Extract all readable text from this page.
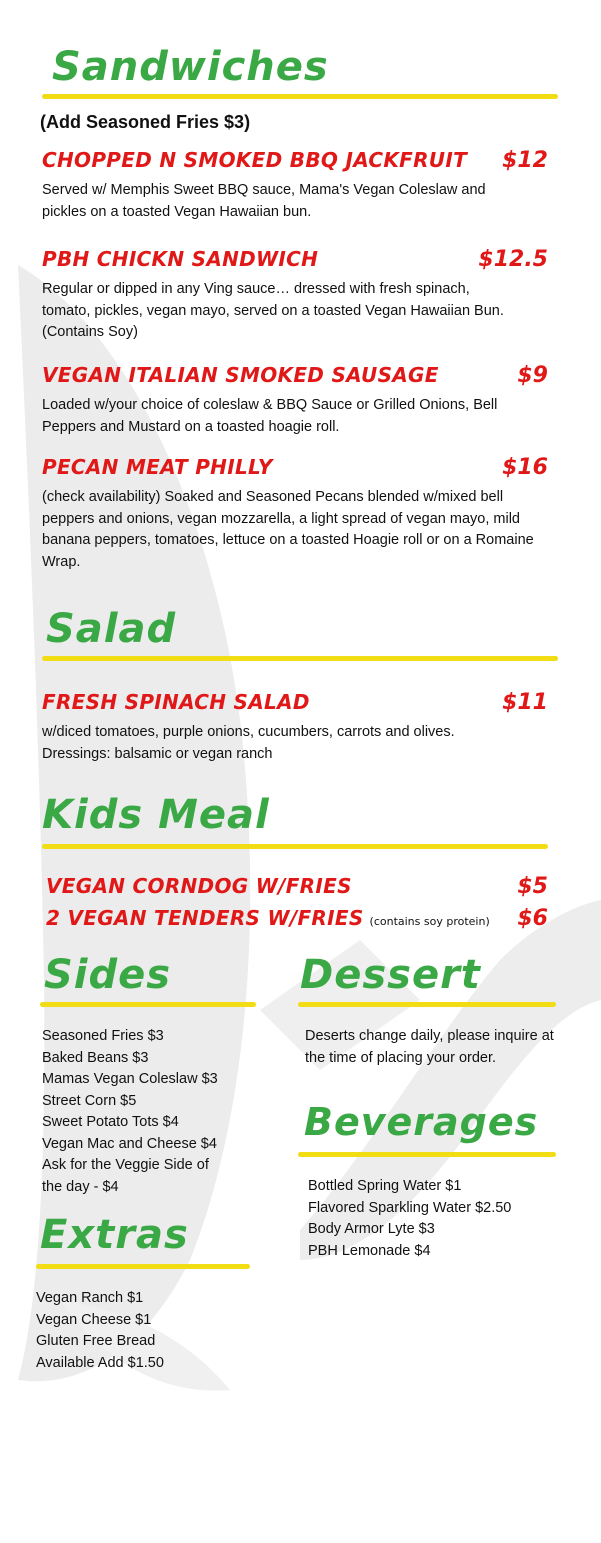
Sandwiches
(Add Seasoned Fries $3)
CHOPPED N SMOKED BBQ JACKFRUIT	$12
Served w/ Memphis Sweet BBQ sauce, Mama's Vegan Coleslaw and pickles on a toasted Vegan Hawaiian bun.
PBH CHICKN SANDWICH	$12.5
Regular or dipped in any Ving sauce… dressed with fresh spinach, tomato, pickles, vegan mayo, served on a toasted Vegan Hawaiian Bun. (Contains Soy)
VEGAN ITALIAN SMOKED SAUSAGE	$9
Loaded w/your choice of coleslaw & BBQ Sauce or Grilled Onions, Bell Peppers and Mustard on a toasted hoagie roll.
PECAN MEAT PHILLY	$16
(check availability) Soaked and Seasoned Pecans blended w/mixed bell peppers and onions, vegan mozzarella, a light spread of vegan mayo, mild banana peppers, tomatoes, lettuce on a toasted Hoagie roll or on a Romaine Wrap.
Salad
FRESH SPINACH SALAD	$11
w/diced tomatoes, purple onions, cucumbers, carrots and olives. Dressings: balsamic or vegan ranch
Kids Meal
VEGAN CORNDOG W/FRIES	$5
2 VEGAN TENDERS W/FRIES (contains soy protein)	$6
Sides
Seasoned Fries $3
Baked Beans $3
Mamas Vegan Coleslaw $3
Street Corn $5
Sweet Potato Tots $4
Vegan Mac and Cheese $4
Ask for the Veggie Side of
the day - $4
Dessert
Deserts change daily, please inquire at the time of placing your order.
Beverages
Bottled Spring Water $1
Flavored Sparkling Water $2.50
Body Armor Lyte $3
PBH Lemonade $4
Extras
Vegan Ranch $1
Vegan Cheese $1
Gluten Free Bread
Available Add $1.50
